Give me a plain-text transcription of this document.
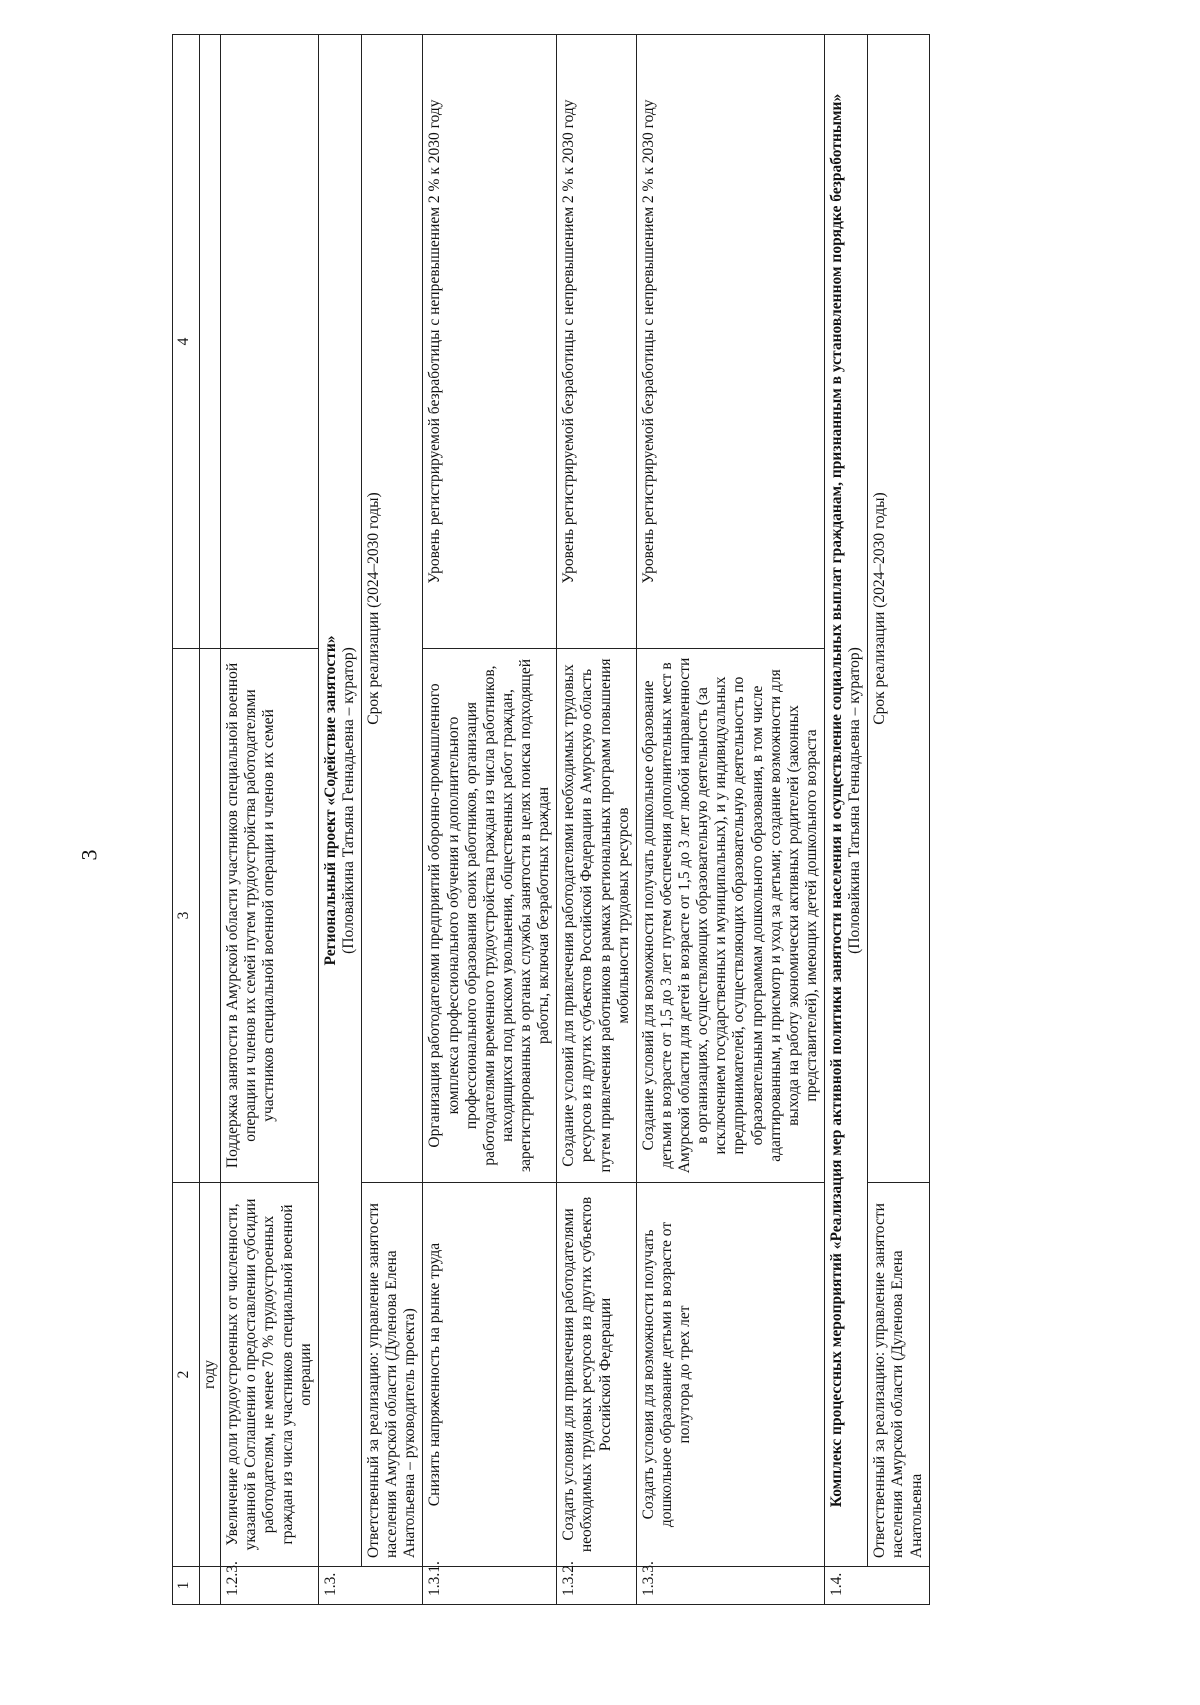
3
1	2	3	4
	году		
1.2.3.	Увеличение доли трудоустроенных от численности, указанной в Соглашении о предоставлении субсидии работодателям, не менее 70 % трудоустроенных граждан из числа участников специальной военной операции	Поддержка занятости в Амурской области участников специальной военной операции и членов их семей путем трудоустройства работодателями участников специальной военной операции и членов их семей	
1.3.	Региональный проект «Содействие занятости»
(Половайкина Татьяна Геннадьевна – куратор)		
	Ответственный за реализацию: управление занятости населения Амурской области (Дуленова Елена Анатольевна – руководитель проекта)	Срок реализации (2024–2030 годы)	
1.3.1.	Снизить напряженность на рынке труда	Организация работодателями предприятий оборонно-промышленного комплекса профессионального обучения и дополнительного профессионального образования своих работников, организация работодателями временного трудоустройства граждан из числа работников, находящихся под риском увольнения, общественных работ граждан, зарегистрированных в органах службы занятости в целях поиска подходящей работы, включая безработных граждан	Уровень регистрируемой безработицы с непревышением 2 % к 2030 году
1.3.2.	Создать условия для привлечения работодателями необходимых трудовых ресурсов из других субъектов Российской Федерации	Создание условий для привлечения работодателями необходимых трудовых ресурсов из других субъектов Российской Федерации в Амурскую область путем привлечения работников в рамках региональных программ повышения мобильности трудовых ресурсов	Уровень регистрируемой безработицы с непревышением 2 % к 2030 году
1.3.3.	Создать условия для возможности получать дошкольное образование детьми в возрасте от полутора до трех лет	Создание условий для возможности получать дошкольное образование детьми в возрасте от 1,5 до 3 лет путем обеспечения дополнительных мест в Амурской области для детей в возрасте от 1,5 до 3 лет любой направленности в организациях, осуществляющих образовательную деятельность (за исключением государственных и муниципальных), и у индивидуальных предпринимателей, осуществляющих образовательную деятельность по образовательным программам дошкольного образования, в том числе адаптированным, и присмотр и уход за детьми; создание возможности для выхода на работу экономически активных родителей (законных представителей), имеющих детей дошкольного возраста	Уровень регистрируемой безработицы с непревышением 2 % к 2030 году
1.4.	Комплекс процессных мероприятий «Реализация мер активной политики занятости населения и осуществление социальных выплат гражданам, признанным в установленном порядке безработными»
(Половайкина Татьяна Геннадьевна – куратор)		
	Ответственный за реализацию: управление занятости населения Амурской области (Дуленова Елена Анатольевна	Срок реализации (2024–2030 годы)	
